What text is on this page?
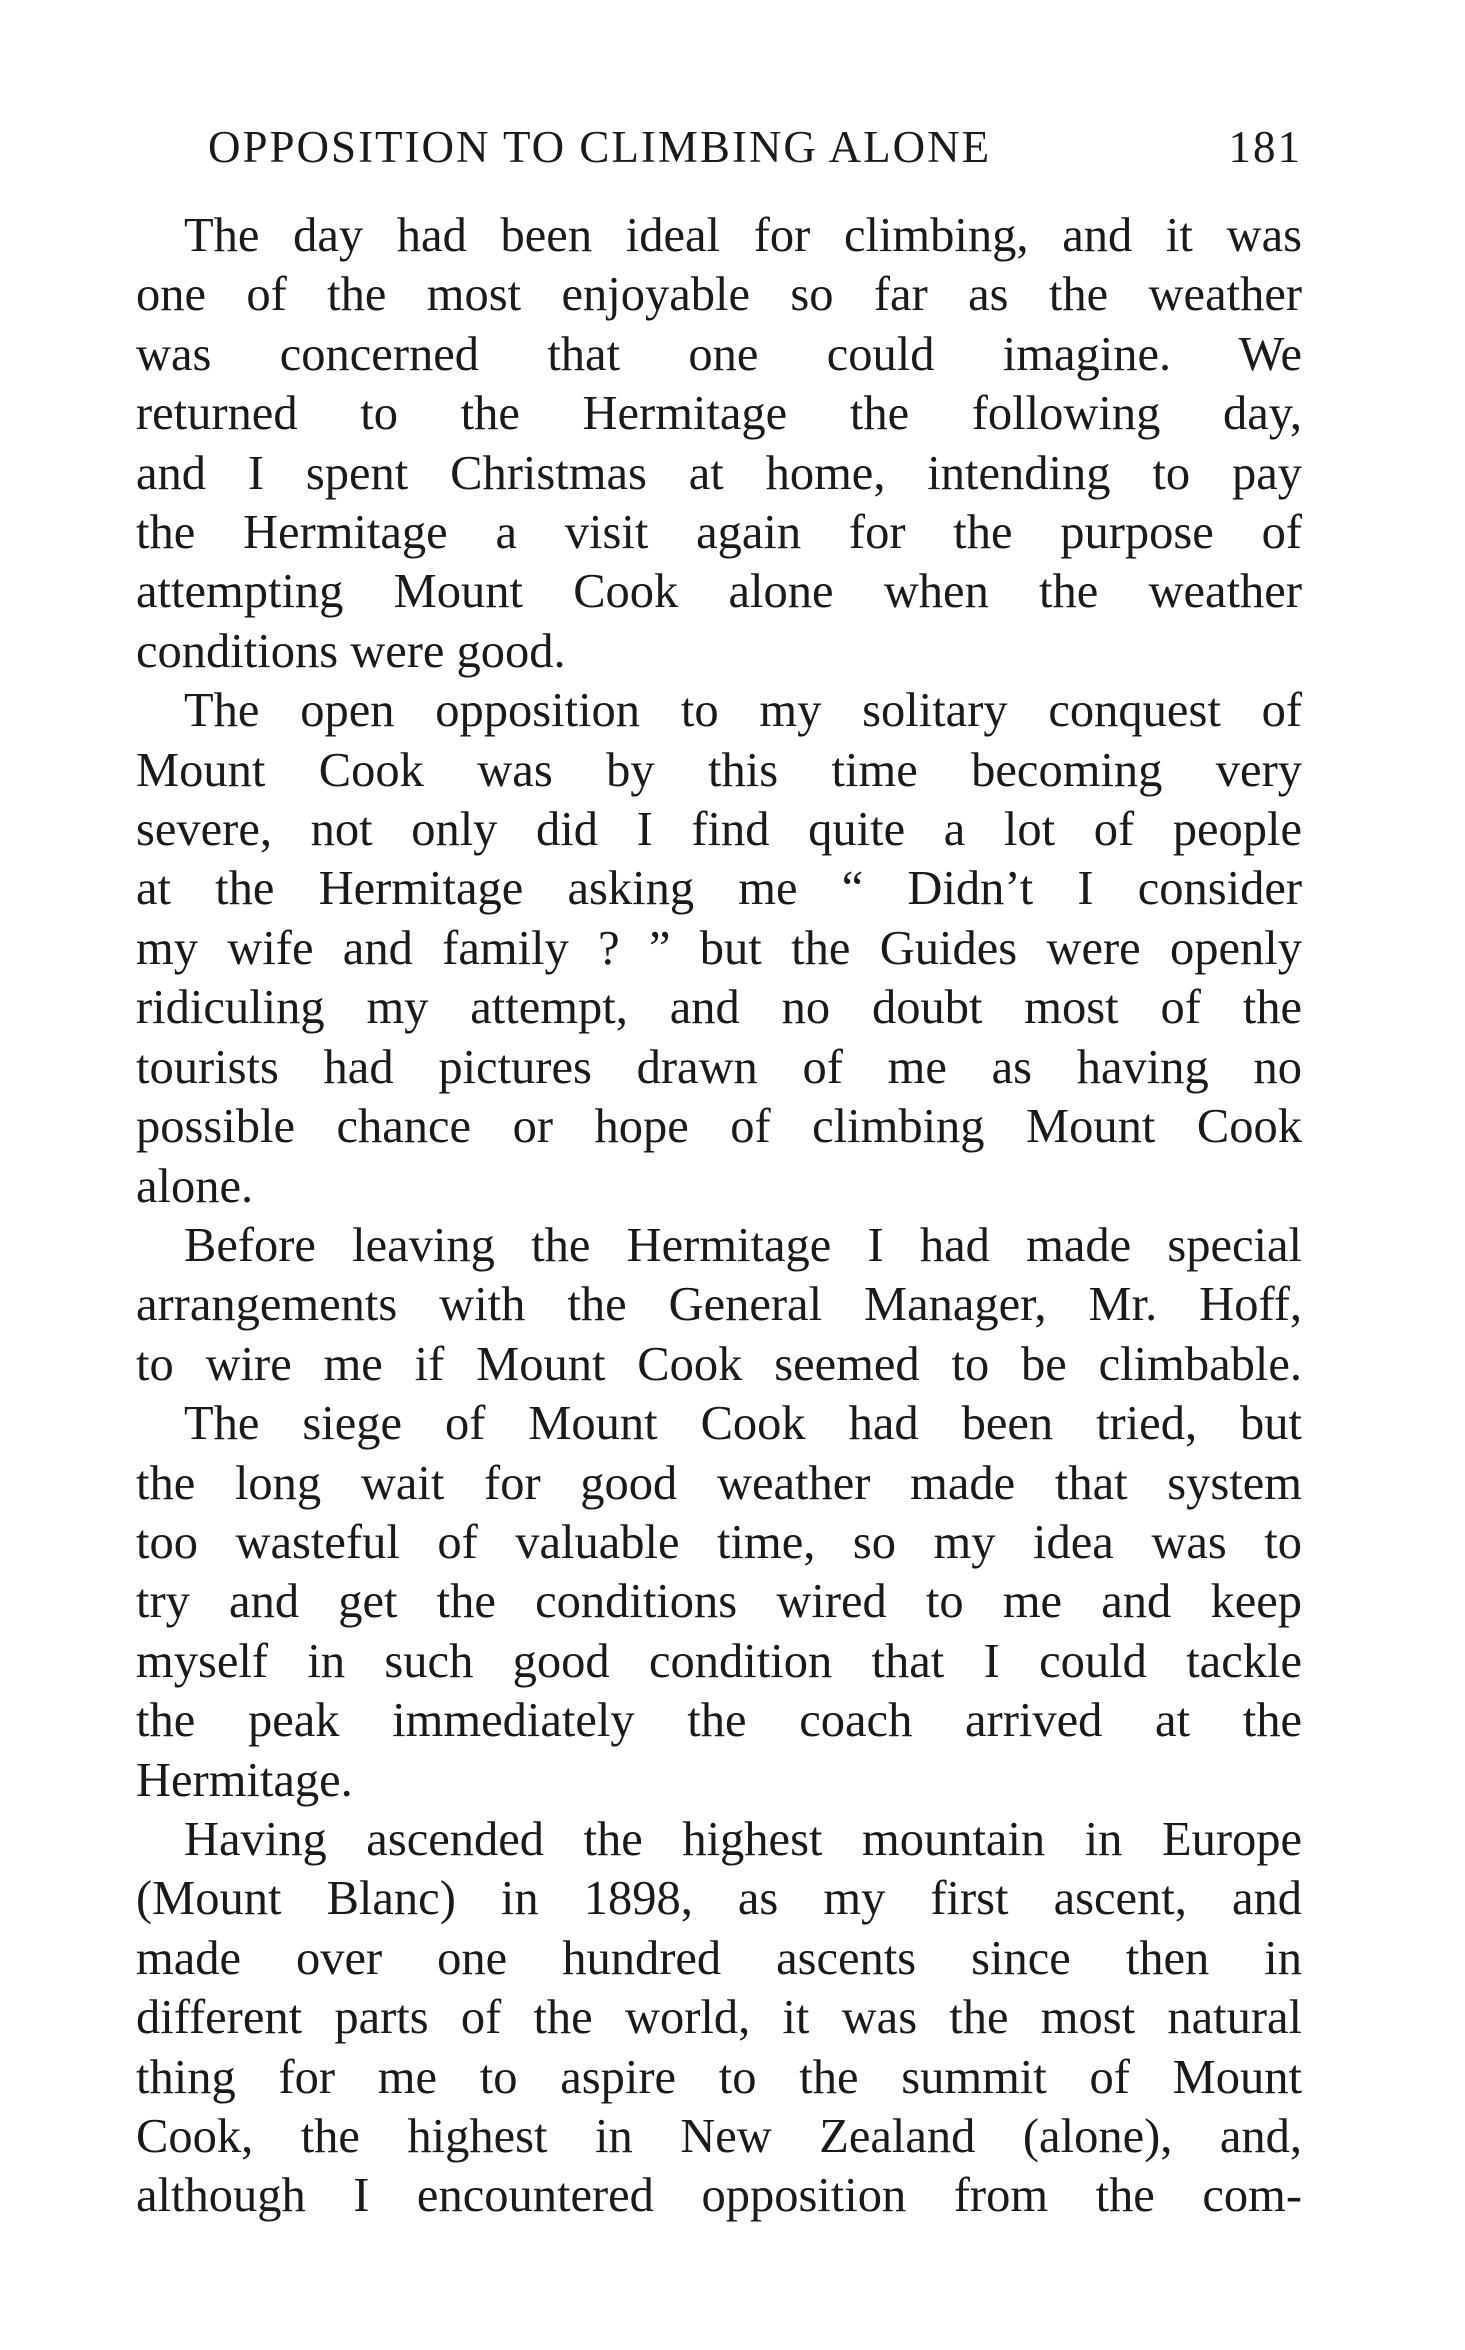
OPPOSITION TO CLIMBING ALONE	181

The day had been ideal for climbing, and it was
one of the most enjoyable so far as the weather
was concerned that one could imagine. We
returned to the Hermitage the following day,
and I spent Christmas at home, intending to pay
the Hermitage a visit again for the purpose of
attempting Mount Cook alone when the weather
conditions were good.

The open opposition to my solitary conquest of
Mount Cook was by this time becoming very
severe, not only did I find quite a lot of people
at the Hermitage asking me “ Didn’t I consider
my wife and family ? ” but the Guides were openly
ridiculing my attempt, and no doubt most of the
tourists had pictures drawn of me as having no
possible chance or hope of climbing Mount Cook
alone.

Before leaving the Hermitage I had made special
arrangements with the General Manager, Mr. Hoff,
to wire me if Mount Cook seemed to be climbable.

The siege of Mount Cook had been tried, but
the long wait for good weather made that system
too wasteful of valuable time, so my idea was to
try and get the conditions wired to me and keep
myself in such good condition that I could tackle
the peak immediately the coach arrived at the
Hermitage.

Having ascended the highest mountain in Europe
(Mount Blanc) in 1898, as my first ascent, and
made over one hundred ascents since then in
different parts of the world, it was the most natural
thing for me to aspire to the summit of Mount
Cook, the highest in New Zealand (alone), and,
although I encountered opposition from the com-
